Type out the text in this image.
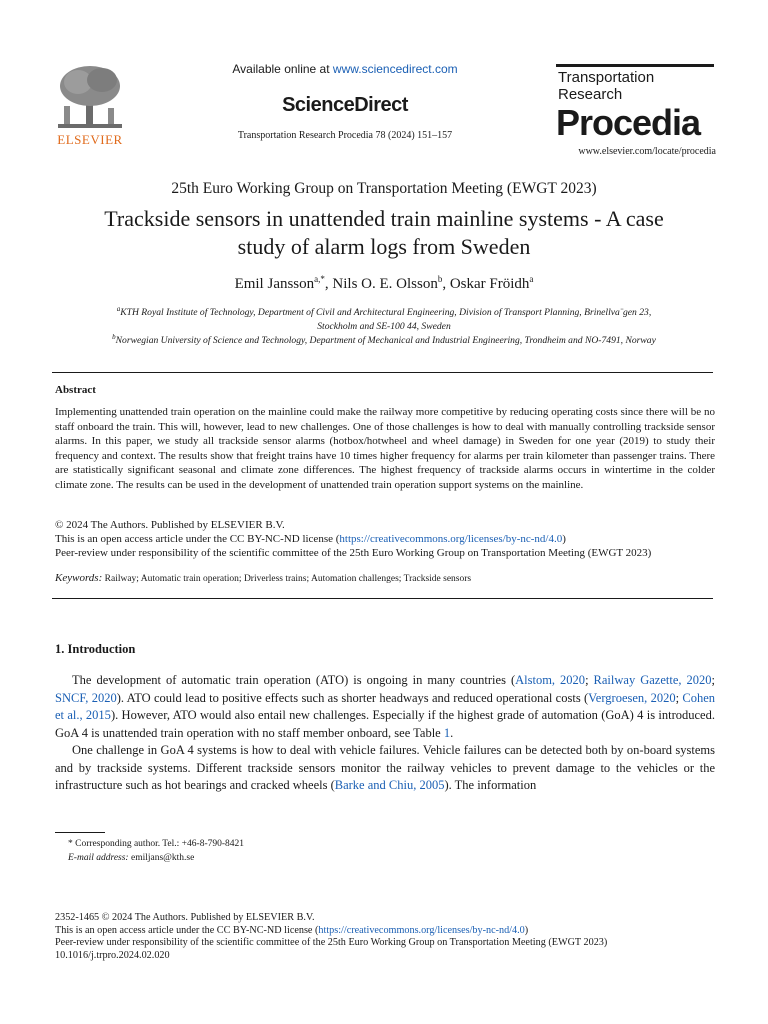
ELSEVIER
Available online at www.sciencedirect.com
ScienceDirect
Transportation Research Procedia 78 (2024) 151–157
Transportation
Research
Procedia
www.elsevier.com/locate/procedia
25th Euro Working Group on Transportation Meeting (EWGT 2023)
Trackside sensors in unattended train mainline systems - A case
study of alarm logs from Sweden
Emil Jansson$^{a,*}$, Nils O. E. Olsson$^b$, Oskar Fröidh$^a$
$^a$KTH Royal Institute of Technology, Department of Civil and Architectural Engineering, Division of Transport Planning, Brinellva¨gen 23,
Stockholm and SE-100 44, Sweden
$^b$Norwegian University of Science and Technology, Department of Mechanical and Industrial Engineering, Trondheim and NO-7491, Norway
Abstract
Implementing unattended train operation on the mainline could make the railway more competitive by reducing operating costs since there will be no staff onboard the train. This will, however, lead to new challenges. One of those challenges is how to deal with manually controlling trackside sensor alarms. In this paper, we study all trackside sensor alarms (hotbox/hotwheel and wheel damage) in Sweden for one year (2019) to study their frequency and context. The results show that freight trains have 10 times higher frequency for alarms per train kilometer than passenger trains. There are statistically significant seasonal and climate zone differences. The highest frequency of trackside alarms occurs in wintertime in the colder climate zone. The results can be used in the development of unattended train operation support systems on the mainline.
© 2024 The Authors. Published by ELSEVIER B.V.
This is an open access article under the CC BY-NC-ND license (https://creativecommons.org/licenses/by-nc-nd/4.0)
Peer-review under responsibility of the scientific committee of the 25th Euro Working Group on Transportation Meeting (EWGT 2023)
Keywords: Railway; Automatic train operation; Driverless trains; Automation challenges; Trackside sensors
1. Introduction

The development of automatic train operation (ATO) is ongoing in many countries (Alstom, 2020; Railway Gazette, 2020; SNCF, 2020). ATO could lead to positive effects such as shorter headways and reduced operational costs (Vergroesen, 2020; Cohen et al., 2015). However, ATO would also entail new challenges. Especially if the highest grade of automation (GoA) 4 is introduced. GoA 4 is unattended train operation with no staff member onboard, see Table 1.

One challenge in GoA 4 systems is how to deal with vehicle failures. Vehicle failures can be detected both by on-board systems and by trackside systems. Different trackside sensors monitor the railway vehicles to prevent damage to the vehicles or the infrastructure such as hot bearings and cracked wheels (Barke and Chiu, 2005). The information

* Corresponding author. Tel.: +46-8-790-8421
E-mail address: emiljans@kth.se
2352-1465 © 2024 The Authors. Published by ELSEVIER B.V.
This is an open access article under the CC BY-NC-ND license (https://creativecommons.org/licenses/by-nc-nd/4.0)
Peer-review under responsibility of the scientific committee of the 25th Euro Working Group on Transportation Meeting (EWGT 2023)
10.1016/j.trpro.2024.02.020
